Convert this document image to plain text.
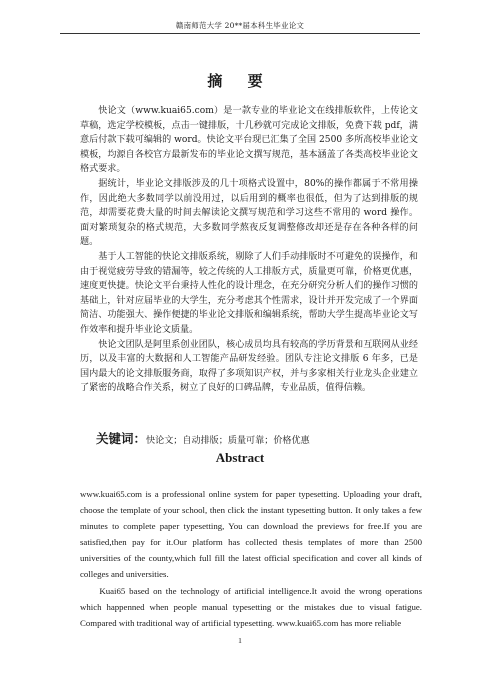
赣南师范大学 20**届本科生毕业论文
摘 要

快论文（www.kuai65.com）是一款专业的毕业论文在线排版软件，上传论文草稿，选定学校模板，点击一键排版，十几秒就可完成论文排版，免费下载 pdf，满意后付款下载可编辑的 word。快论文平台现已汇集了全国 2500 多所高校毕业论文模板，均源自各校官方最新发布的毕业论文撰写规范，基本涵盖了各类高校毕业论文格式要求。

据统计，毕业论文排版涉及的几十项格式设置中，80%的操作都属于不常用操作，因此绝大多数同学以前没用过，以后用到的概率也很低，但为了达到排版的规范，却需要花费大量的时间去解读论文撰写规范和学习这些不常用的 word 操作。面对繁琐复杂的格式规范，大多数同学熬夜反复调整修改却还是存在各种各样的问题。

基于人工智能的快论文排版系统，剔除了人们手动排版时不可避免的误操作，和由于视觉疲劳导致的错漏等，较之传统的人工排版方式，质量更可靠，价格更优惠，速度更快捷。快论文平台秉持人性化的设计理念，在充分研究分析人们的操作习惯的基础上，针对应届毕业的大学生，充分考虑其个性需求，设计并开发完成了一个界面简洁、功能强大、操作便捷的毕业论文排版和编辑系统，帮助大学生提高毕业论文写作效率和提升毕业论文质量。

快论文团队是阿里系创业团队，核心成员均具有较高的学历背景和互联网从业经历，以及丰富的大数据和人工智能产品研发经验。团队专注论文排版 6 年多，已是国内最大的论文排版服务商，取得了多项知识产权，并与多家相关行业龙头企业建立了紧密的战略合作关系，树立了良好的口碑品牌，专业品质，值得信赖。

关键词：快论文；自动排版；质量可靠；价格优惠
Abstract

www.kuai65.com is a professional online system for paper typesetting. Uploading your draft, choose the template of your school, then click the instant typesetting button. It only takes a few minutes to complete paper typesetting, You can download the previews for free.If you are satisfied,then pay for it.Our platform has collected thesis templates of more than 2500 universities of the county,which full fill the latest official specification and cover all kinds of colleges and universities.

Kuai65 based on the technology of artificial intelligence.It avoid the wrong operations which happenned when people manual typesetting or the mistakes due to visual fatigue. Compared with traditional way of artificial typesetting. www.kuai65.com has more reliable

1
